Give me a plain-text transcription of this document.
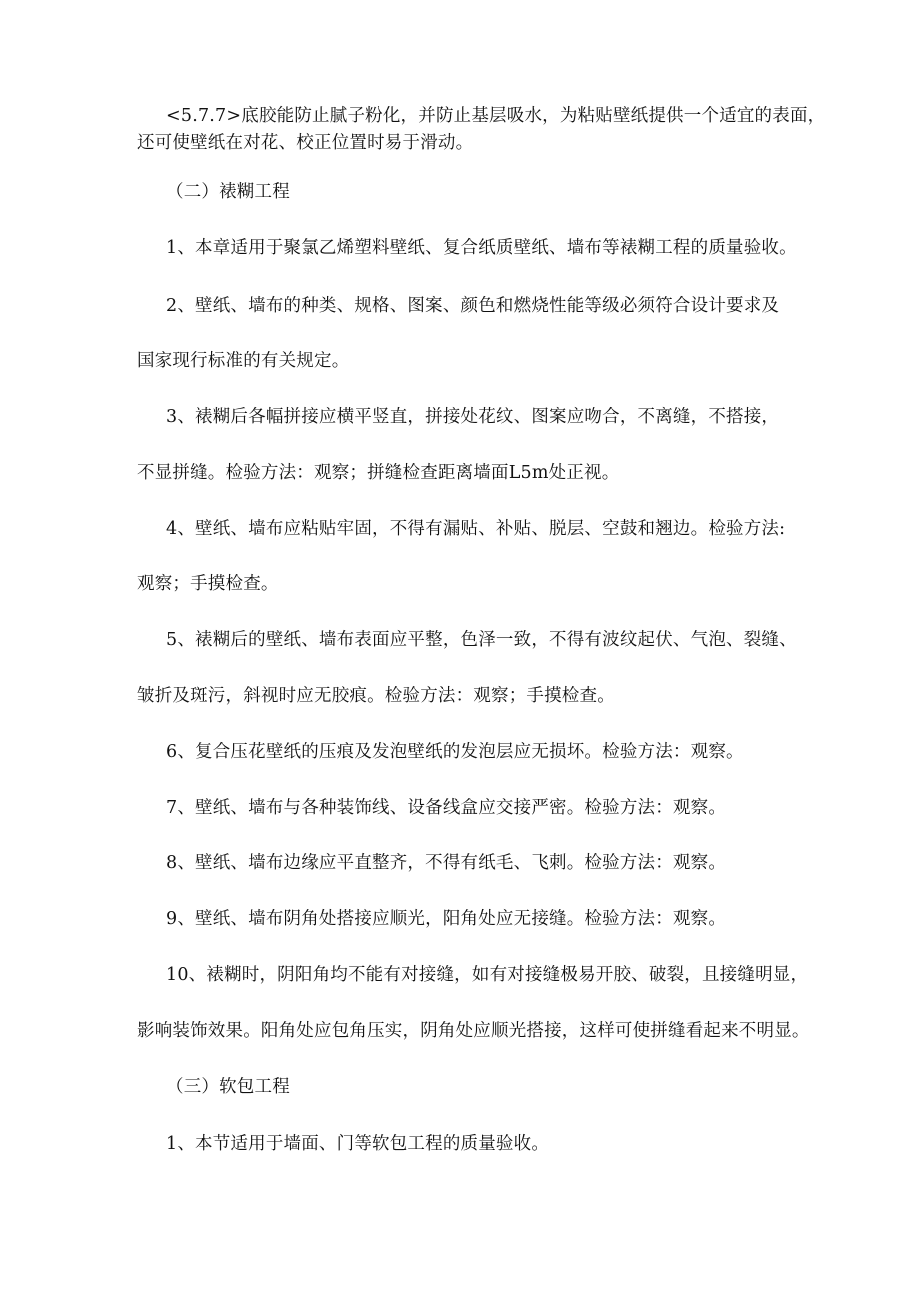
<5.7.7>底胶能防止腻子粉化，并防止基层吸水，为粘贴壁纸提供一个适宜的表面，
还可使壁纸在对花、校正位置时易于滑动。
（二）裱糊工程
1、本章适用于聚氯乙烯塑料壁纸、复合纸质壁纸、墙布等裱糊工程的质量验收。
2、壁纸、墙布的种类、规格、图案、颜色和燃烧性能等级必须符合设计要求及
国家现行标准的有关规定。
3、裱糊后各幅拼接应横平竖直，拼接处花纹、图案应吻合，不离缝，不搭接，
不显拼缝。检验方法：观察；拼缝检查距离墙面L5m处正视。
4、壁纸、墙布应粘贴牢固，不得有漏贴、补贴、脱层、空鼓和翘边。检验方法:
观察；手摸检查。
5、裱糊后的壁纸、墙布表面应平整，色泽一致，不得有波纹起伏、气泡、裂缝、
皱折及斑污，斜视时应无胶痕。检验方法：观察；手摸检查。
6、复合压花壁纸的压痕及发泡壁纸的发泡层应无损坏。检验方法：观察。
7、壁纸、墙布与各种装饰线、设备线盒应交接严密。检验方法：观察。
8、壁纸、墙布边缘应平直整齐，不得有纸毛、飞刺。检验方法：观察。
9、壁纸、墙布阴角处搭接应顺光，阳角处应无接缝。检验方法：观察。
10、裱糊时，阴阳角均不能有对接缝，如有对接缝极易开胶、破裂，且接缝明显，
影响装饰效果。阳角处应包角压实，阴角处应顺光搭接，这样可使拼缝看起来不明显。
（三）软包工程
1、本节适用于墙面、门等软包工程的质量验收。
